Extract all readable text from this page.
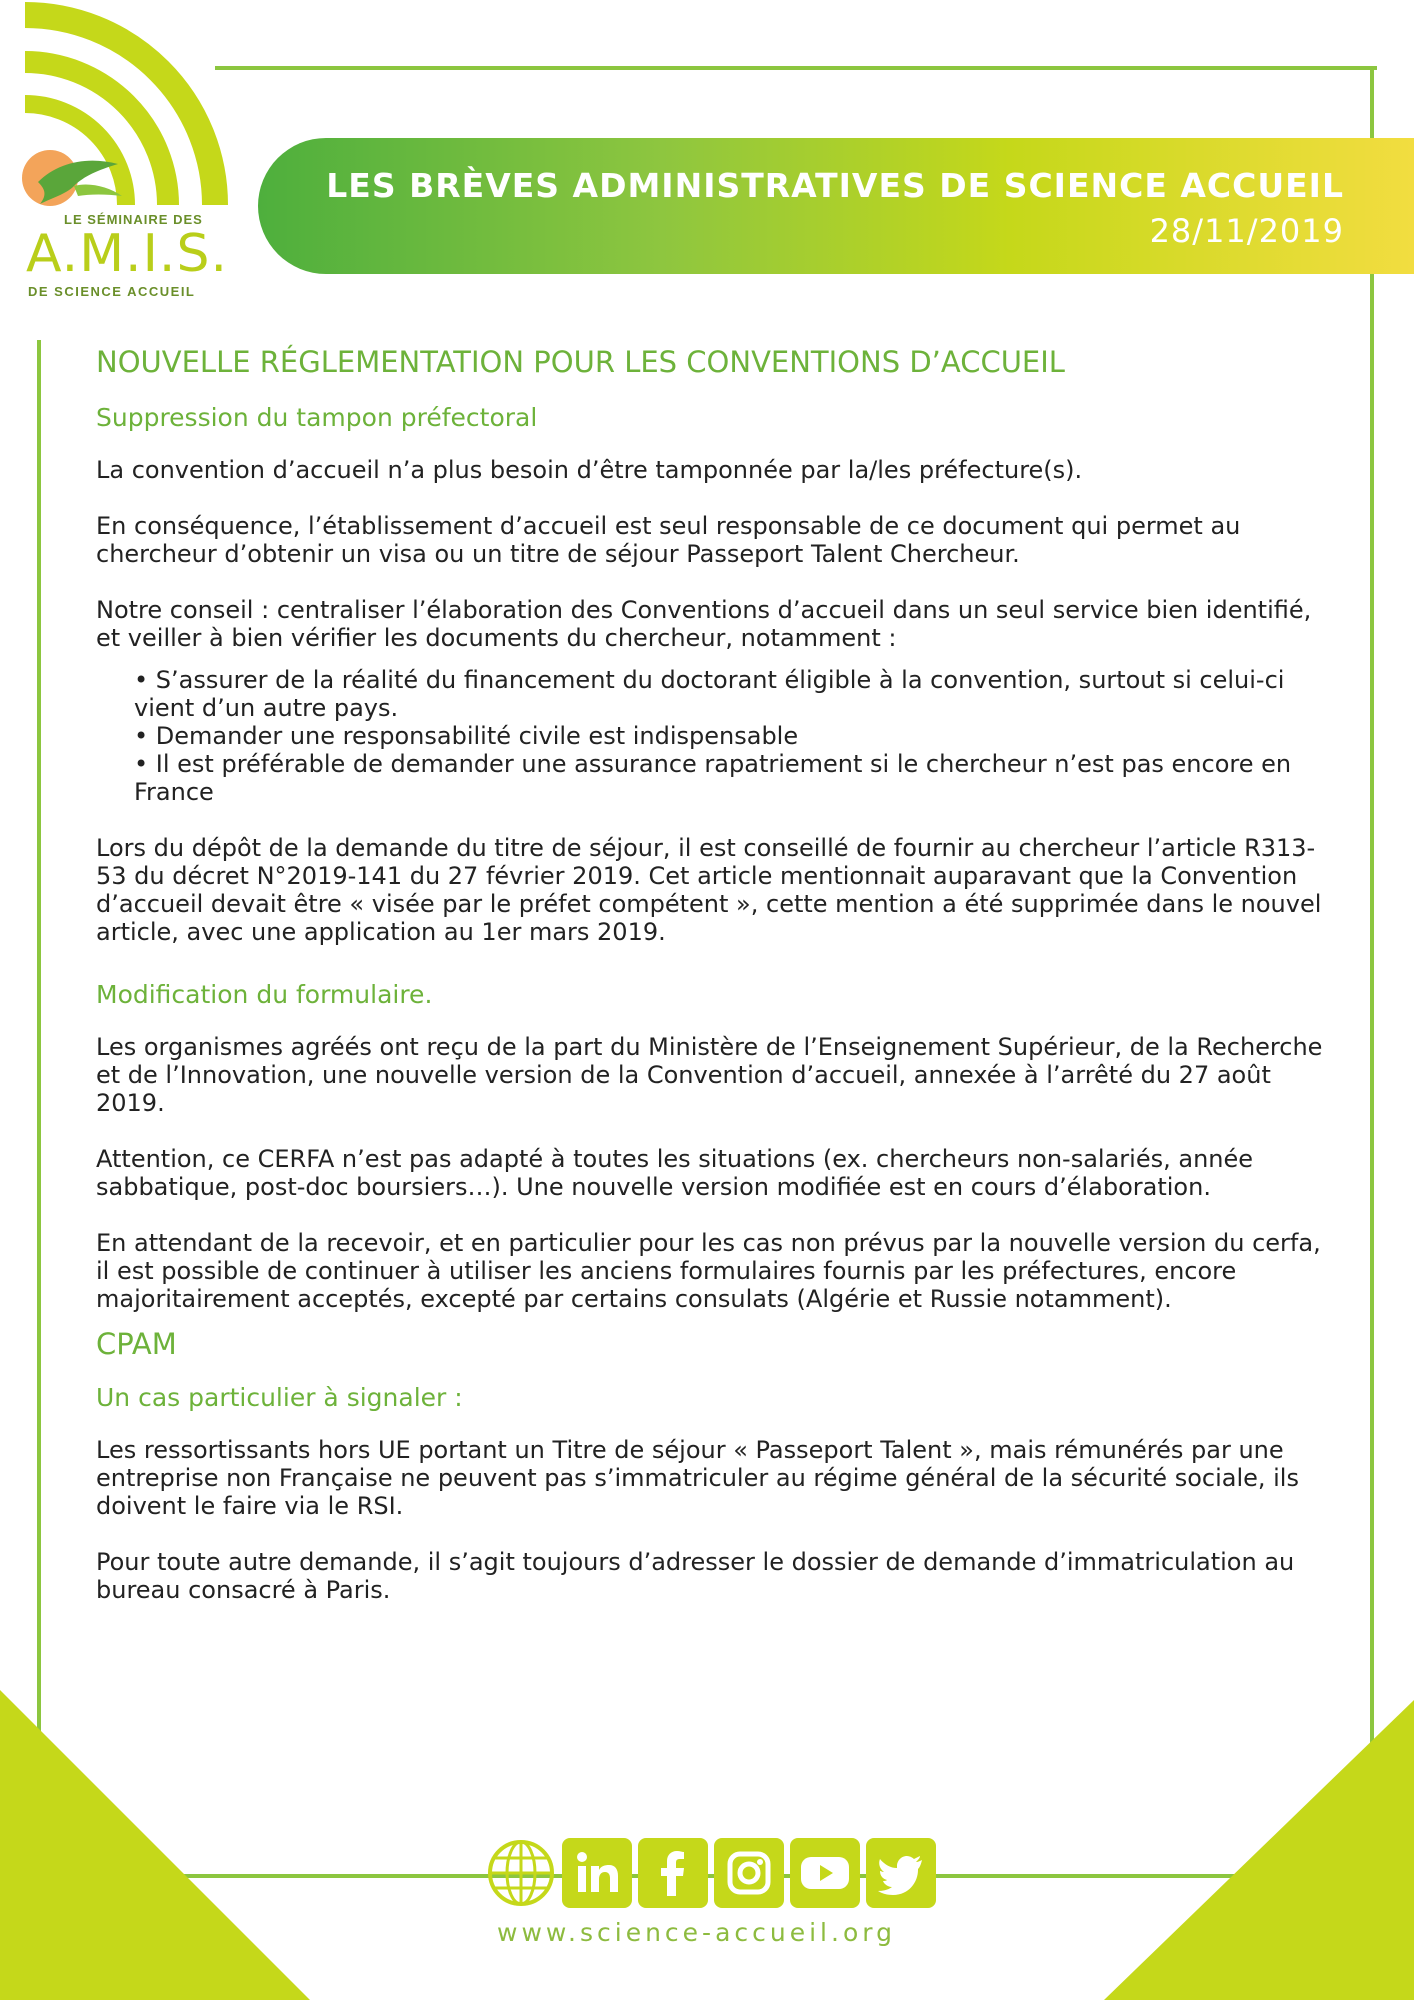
LE SÉMINAIRE DES
A.M.I.S.
DE SCIENCE ACCUEIL
LES BRÈVES ADMINISTRATIVES DE SCIENCE ACCUEIL
28/11/2019
NOUVELLE RÉGLEMENTATION POUR LES CONVENTIONS D’ACCUEIL
Suppression du tampon préfectoral

La convention d’accueil n’a plus besoin d’être tamponnée par la/les préfecture(s).

En conséquence, l’établissement d’accueil est seul responsable de ce document qui permet au chercheur d’obtenir un visa ou un titre de séjour Passeport Talent Chercheur.

Notre conseil : centraliser l’élaboration des Conventions d’accueil dans un seul service bien identifié, et veiller à bien vérifier les documents du chercheur, notamment :

• S’assurer de la réalité du financement du doctorant éligible à la convention, surtout si celui-ci vient d’un autre pays.
• Demander une responsabilité civile est indispensable
• Il est préférable de demander une assurance rapatriement si le chercheur n’est pas encore en France

Lors du dépôt de la demande du titre de séjour, il est conseillé de fournir au chercheur l’article R313-53 du décret N°2019-141 du 27 février 2019. Cet article mentionnait auparavant que la Convention d’accueil devait être « visée par le préfet compétent », cette mention a été supprimée dans le nouvel article, avec une application au 1er mars 2019.

Modification du formulaire.

Les organismes agréés ont reçu de la part du Ministère de l’Enseignement Supérieur, de la Recherche et de l’Innovation, une nouvelle version de la Convention d’accueil, annexée à l’arrêté du 27 août 2019.

Attention, ce CERFA n’est pas adapté à toutes les situations (ex. chercheurs non-salariés, année sabbatique, post-doc boursiers…). Une nouvelle version modifiée est en cours d’élaboration.

En attendant de la recevoir, et en particulier pour les cas non prévus par la nouvelle version du cerfa, il est possible de continuer à utiliser les anciens formulaires fournis par les préfectures, encore majoritairement acceptés, excepté par certains consulats (Algérie et Russie notamment).

CPAM
Un cas particulier à signaler :

Les ressortissants hors UE portant un Titre de séjour « Passeport Talent », mais rémunérés par une entreprise non Française ne peuvent pas s’immatriculer au régime général de la sécurité sociale, ils doivent le faire via le RSI.

Pour toute autre demande, il s’agit toujours d’adresser le dossier de demande d’immatriculation au bureau consacré à Paris.

www.science-accueil.org
